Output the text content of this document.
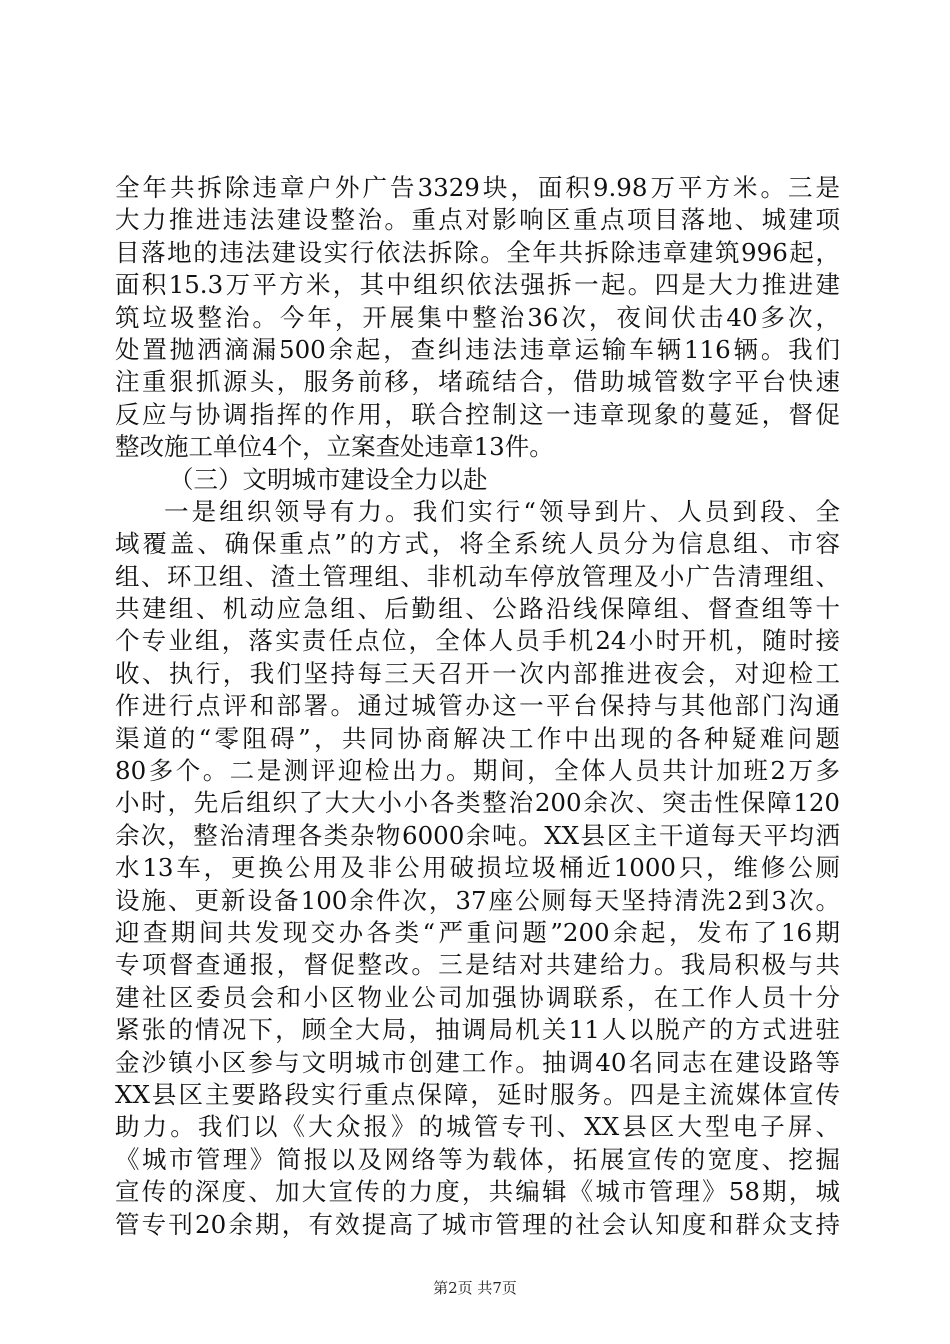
全年共拆除违章户外广告3329块，面积9.98万平方米。三是
大力推进违法建设整治。重点对影响区重点项目落地、城建项
目落地的违法建设实行依法拆除。全年共拆除违章建筑996起，
面积15.3万平方米，其中组织依法强拆一起。四是大力推进建
筑垃圾整治。今年，开展集中整治36次，夜间伏击40多次，
处置抛洒滴漏500余起，查纠违法违章运输车辆116辆。我们
注重狠抓源头，服务前移，堵疏结合，借助城管数字平台快速
反应与协调指挥的作用，联合控制这一违章现象的蔓延，督促
整改施工单位4个，立案查处违章13件。
（三）文明城市建设全力以赴
一是组织领导有力。我们实行“领导到片、人员到段、全
域覆盖、确保重点”的方式，将全系统人员分为信息组、市容
组、环卫组、渣土管理组、非机动车停放管理及小广告清理组、
共建组、机动应急组、后勤组、公路沿线保障组、督查组等十
个专业组，落实责任点位，全体人员手机24小时开机，随时接
收、执行，我们坚持每三天召开一次内部推进夜会，对迎检工
作进行点评和部署。通过城管办这一平台保持与其他部门沟通
渠道的“零阻碍”，共同协商解决工作中出现的各种疑难问题
80多个。二是测评迎检出力。期间，全体人员共计加班2万多
小时，先后组织了大大小小各类整治200余次、突击性保障120
余次，整治清理各类杂物6000余吨。XX县区主干道每天平均洒
水13车，更换公用及非公用破损垃圾桶近1000只，维修公厕
设施、更新设备100余件次，37座公厕每天坚持清洗2到3次。
迎查期间共发现交办各类“严重问题”200余起，发布了16期
专项督查通报，督促整改。三是结对共建给力。我局积极与共
建社区委员会和小区物业公司加强协调联系，在工作人员十分
紧张的情况下，顾全大局，抽调局机关11人以脱产的方式进驻
金沙镇小区参与文明城市创建工作。抽调40名同志在建设路等
XX县区主要路段实行重点保障，延时服务。四是主流媒体宣传
助力。我们以《大众报》的城管专刊、XX县区大型电子屏、
《城市管理》简报以及网络等为载体，拓展宣传的宽度、挖掘
宣传的深度、加大宣传的力度，共编辑《城市管理》58期，城
管专刊20余期，有效提高了城市管理的社会认知度和群众支持
第2页 共7页
